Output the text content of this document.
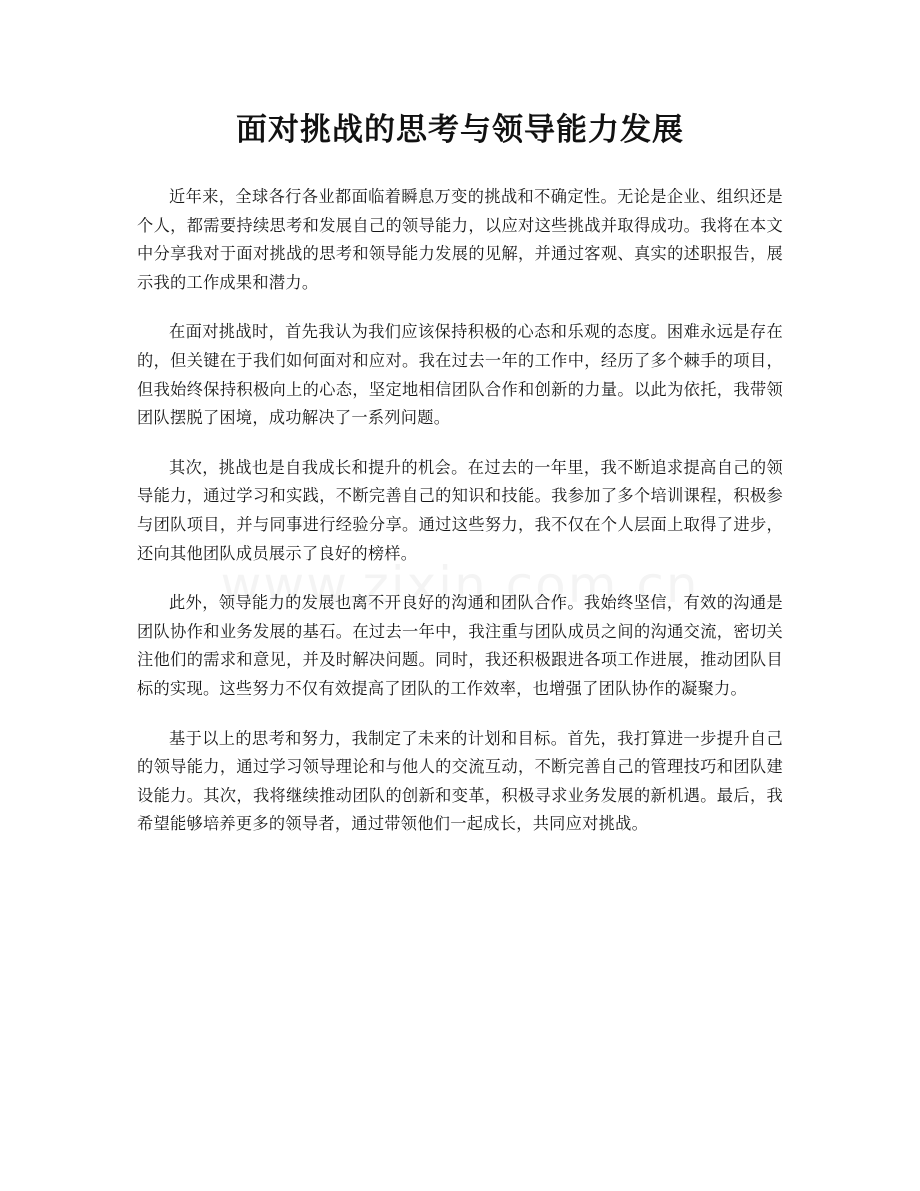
面对挑战的思考与领导能力发展

近年来，全球各行各业都面临着瞬息万变的挑战和不确定性。无论是企业、组织还是个人，都需要持续思考和发展自己的领导能力，以应对这些挑战并取得成功。我将在本文中分享我对于面对挑战的思考和领导能力发展的见解，并通过客观、真实的述职报告，展示我的工作成果和潜力。

在面对挑战时，首先我认为我们应该保持积极的心态和乐观的态度。困难永远是存在的，但关键在于我们如何面对和应对。我在过去一年的工作中，经历了多个棘手的项目，但我始终保持积极向上的心态，坚定地相信团队合作和创新的力量。以此为依托，我带领团队摆脱了困境，成功解决了一系列问题。

其次，挑战也是自我成长和提升的机会。在过去的一年里，我不断追求提高自己的领导能力，通过学习和实践，不断完善自己的知识和技能。我参加了多个培训课程，积极参与团队项目，并与同事进行经验分享。通过这些努力，我不仅在个人层面上取得了进步，还向其他团队成员展示了良好的榜样。

此外，领导能力的发展也离不开良好的沟通和团队合作。我始终坚信，有效的沟通是团队协作和业务发展的基石。在过去一年中，我注重与团队成员之间的沟通交流，密切关注他们的需求和意见，并及时解决问题。同时，我还积极跟进各项工作进展，推动团队目标的实现。这些努力不仅有效提高了团队的工作效率，也增强了团队协作的凝聚力。

基于以上的思考和努力，我制定了未来的计划和目标。首先，我打算进一步提升自己的领导能力，通过学习领导理论和与他人的交流互动，不断完善自己的管理技巧和团队建设能力。其次，我将继续推动团队的创新和变革，积极寻求业务发展的新机遇。最后，我希望能够培养更多的领导者，通过带领他们一起成长，共同应对挑战。
